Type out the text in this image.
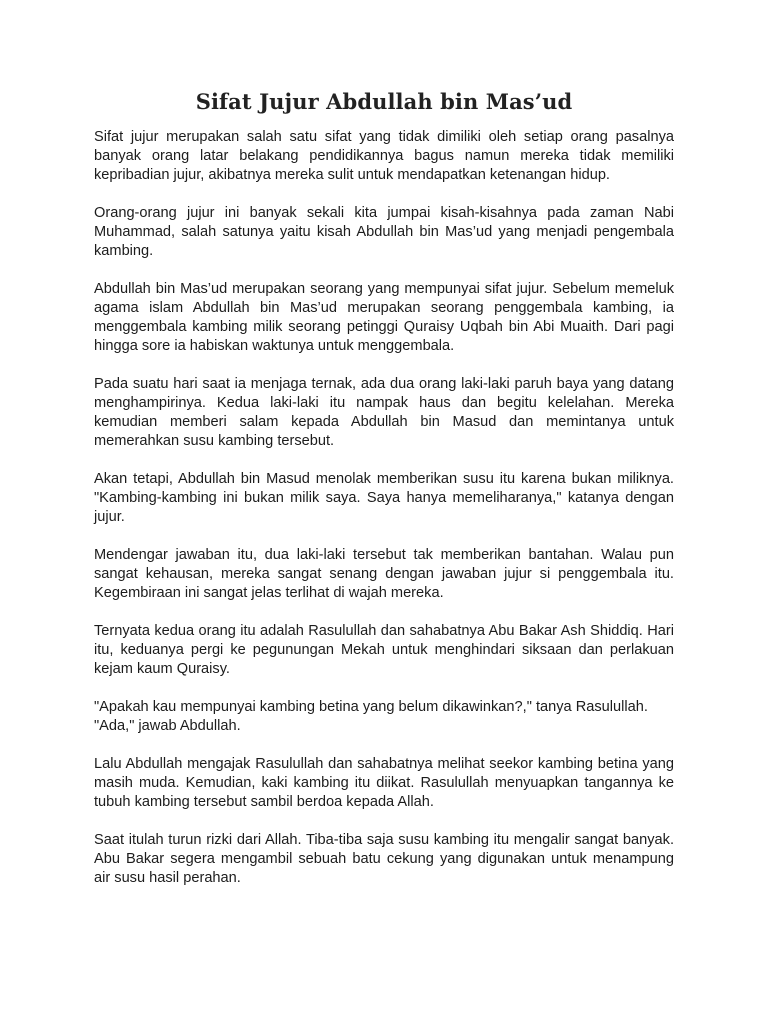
Sifat Jujur Abdullah bin Mas’ud

Sifat jujur merupakan salah satu sifat yang tidak dimiliki oleh setiap orang pasalnya banyak orang latar belakang pendidikannya bagus namun mereka tidak memiliki kepribadian jujur, akibatnya mereka sulit untuk mendapatkan ketenangan hidup.

Orang-orang jujur ini banyak sekali kita jumpai kisah-kisahnya pada zaman Nabi Muhammad, salah satunya yaitu kisah Abdullah bin Mas’ud yang menjadi pengembala kambing.

Abdullah bin Mas’ud merupakan seorang yang mempunyai sifat jujur. Sebelum memeluk agama islam Abdullah bin Mas’ud merupakan seorang penggembala kambing, ia menggembala kambing milik seorang petinggi Quraisy Uqbah bin Abi Muaith. Dari pagi hingga sore ia habiskan waktunya untuk menggembala.

Pada suatu hari saat ia menjaga ternak, ada dua orang laki-laki paruh baya yang datang menghampirinya. Kedua laki-laki itu nampak haus dan begitu kelelahan. Mereka kemudian memberi salam kepada Abdullah bin Masud dan memintanya untuk memerahkan susu kambing tersebut.

Akan tetapi, Abdullah bin Masud menolak memberikan susu itu karena bukan miliknya. "Kambing-kambing ini bukan milik saya. Saya hanya memeliharanya," katanya dengan jujur.

Mendengar jawaban itu, dua laki-laki tersebut tak memberikan bantahan. Walau pun sangat kehausan, mereka sangat senang dengan jawaban jujur si penggembala itu. Kegembiraan ini sangat jelas terlihat di wajah mereka.

Ternyata kedua orang itu adalah Rasulullah dan sahabatnya Abu Bakar Ash Shiddiq. Hari itu, keduanya pergi ke pegunungan Mekah untuk menghindari siksaan dan perlakuan kejam kaum Quraisy.

"Apakah kau mempunyai kambing betina yang belum dikawinkan?," tanya Rasulullah.
"Ada," jawab Abdullah.

Lalu Abdullah mengajak Rasulullah dan sahabatnya melihat seekor kambing betina yang masih muda. Kemudian, kaki kambing itu diikat. Rasulullah menyuapkan tangannya ke tubuh kambing tersebut sambil berdoa kepada Allah.

Saat itulah turun rizki dari Allah. Tiba-tiba saja susu kambing itu mengalir sangat banyak. Abu Bakar segera mengambil sebuah batu cekung yang digunakan untuk menampung air susu hasil perahan.
